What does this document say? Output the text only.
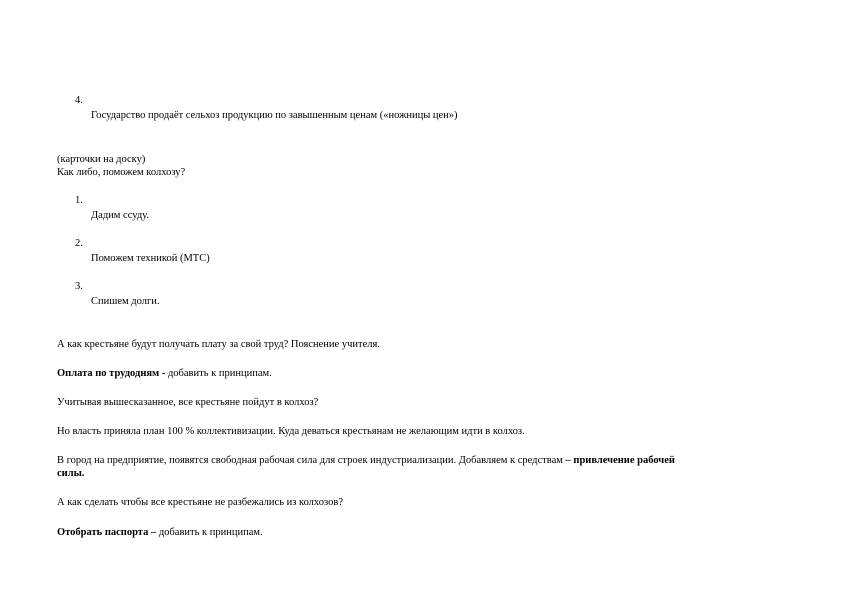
4.
Государство продаёт сельхоз продукцию по завышенным ценам («ножницы цен»)
(карточки на доску)
Как либо, поможем колхозу?
1.
Дадим ссуду.
2.
Поможем техникой (МТС)
3.
Спишем долги.
А как крестьяне будут получать плату за свой труд? Пояснение учителя.
Оплата по трудодням - добавить к принципам.
Учитывая вышесказанное, все крестьяне пойдут в колхоз?
Но власть приняла план 100 % коллективизации. Куда деваться крестьянам не желающим идти в колхоз.
В город на предприятие, появятся свободная рабочая сила для строек индустриализации. Добавляем к средствам – привлечение рабочей
силы.
А как сделать чтобы все крестьяне не разбежались из колхозов?
Отобрать паспорта – добавить к принципам.
